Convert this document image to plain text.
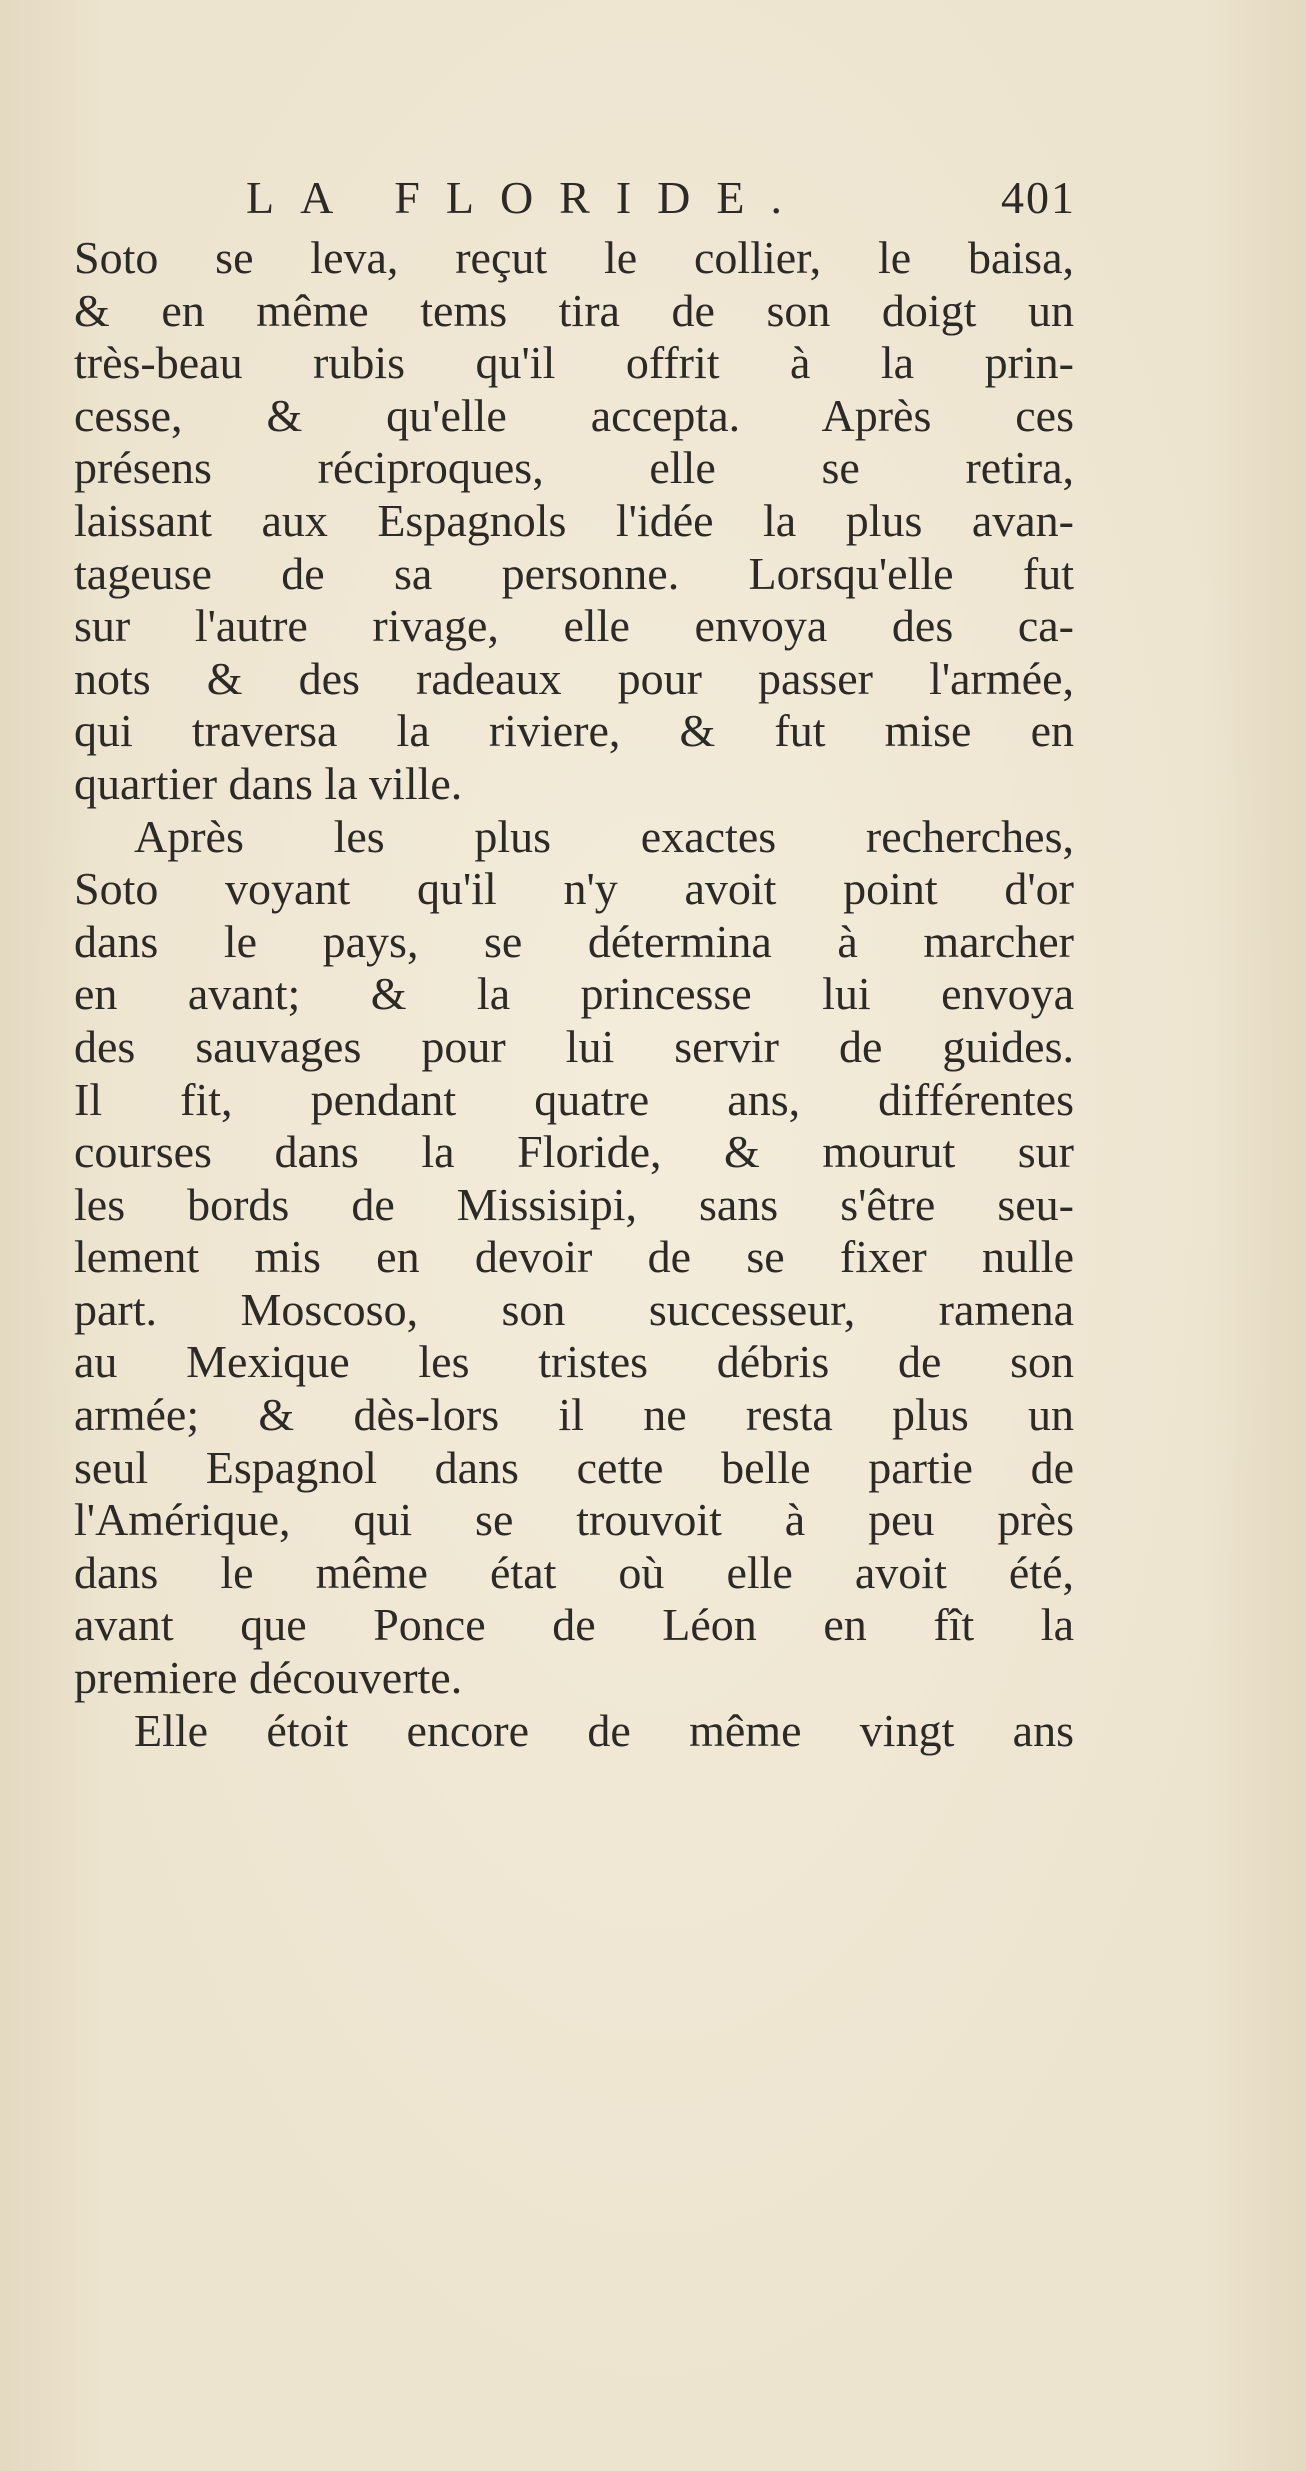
LA FLORIDE.	401
Soto se leva, reçut le collier, le baisa,
& en même tems tira de son doigt un
très-beau rubis qu'il offrit à la prin-
cesse, & qu'elle accepta. Après ces
présens réciproques, elle se retira,
laissant aux Espagnols l'idée la plus avan-
tageuse de sa personne. Lorsqu'elle fut
sur l'autre rivage, elle envoya des ca-
nots & des radeaux pour passer l'armée,
qui traversa la riviere, & fut mise en
quartier dans la ville.
Après les plus exactes recherches,
Soto voyant qu'il n'y avoit point d'or
dans le pays, se détermina à marcher
en avant; & la princesse lui envoya
des sauvages pour lui servir de guides.
Il fit, pendant quatre ans, différentes
courses dans la Floride, & mourut sur
les bords de Missisipi, sans s'être seu-
lement mis en devoir de se fixer nulle
part. Moscoso, son successeur, ramena
au Mexique les tristes débris de son
armée; & dès-lors il ne resta plus un
seul Espagnol dans cette belle partie de
l'Amérique, qui se trouvoit à peu près
dans le même état où elle avoit été,
avant que Ponce de Léon en fît la
premiere découverte.
Elle étoit encore de même vingt ans
